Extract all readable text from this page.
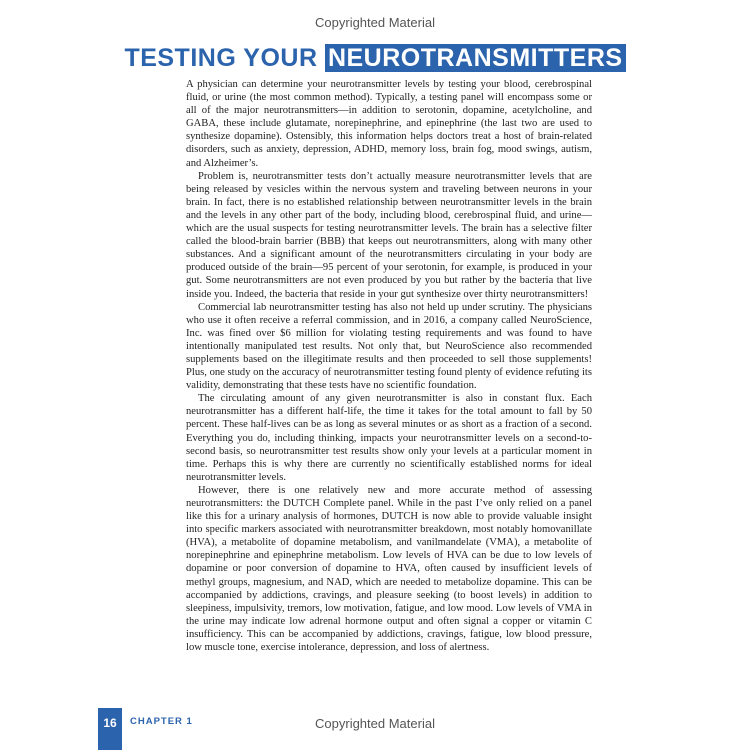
Copyrighted Material
TESTING YOUR NEUROTRANSMITTERS

A physician can determine your neurotransmitter levels by testing your blood, cerebrospinal fluid, or urine (the most common method). Typically, a testing panel will encompass some or all of the major neurotransmitters—in addition to serotonin, dopamine, acetylcholine, and GABA, these include glutamate, norepinephrine, and epinephrine (the last two are used to synthesize dopamine). Ostensibly, this information helps doctors treat a host of brain-related disorders, such as anxiety, depression, ADHD, memory loss, brain fog, mood swings, autism, and Alzheimer’s.

Problem is, neurotransmitter tests don’t actually measure neurotransmitter levels that are being released by vesicles within the nervous system and traveling between neurons in your brain. In fact, there is no established relationship between neurotransmitter levels in the brain and the levels in any other part of the body, including blood, cerebrospinal fluid, and urine—which are the usual suspects for testing neurotransmitter levels. The brain has a selective filter called the blood-brain barrier (BBB) that keeps out neurotransmitters, along with many other substances. And a significant amount of the neurotransmitters circulating in your body are produced outside of the brain—95 percent of your serotonin, for example, is produced in your gut. Some neurotransmitters are not even produced by you but rather by the bacteria that live inside you. Indeed, the bacteria that reside in your gut synthesize over thirty neurotransmitters!

Commercial lab neurotransmitter testing has also not held up under scrutiny. The physicians who use it often receive a referral commission, and in 2016, a company called NeuroScience, Inc. was fined over $6 million for violating testing requirements and was found to have intentionally manipulated test results. Not only that, but NeuroScience also recommended supplements based on the illegitimate results and then proceeded to sell those supplements! Plus, one study on the accuracy of neurotransmitter testing found plenty of evidence refuting its validity, demonstrating that these tests have no scientific foundation.

The circulating amount of any given neurotransmitter is also in constant flux. Each neurotransmitter has a different half-life, the time it takes for the total amount to fall by 50 percent. These half-lives can be as long as several minutes or as short as a fraction of a second. Everything you do, including thinking, impacts your neurotransmitter levels on a second-to-second basis, so neurotransmitter test results show only your levels at a particular moment in time. Perhaps this is why there are currently no scientifically established norms for ideal neurotransmitter levels.

However, there is one relatively new and more accurate method of assessing neurotransmitters: the DUTCH Complete panel. While in the past I’ve only relied on a panel like this for a urinary analysis of hormones, DUTCH is now able to provide valuable insight into specific markers associated with neurotransmitter breakdown, most notably homovanillate (HVA), a metabolite of dopamine metabolism, and vanilmandelate (VMA), a metabolite of norepinephrine and epinephrine metabolism. Low levels of HVA can be due to low levels of dopamine or poor conversion of dopamine to HVA, often caused by insufficient levels of methyl groups, magnesium, and NAD, which are needed to metabolize dopamine. This can be accompanied by addictions, cravings, and pleasure seeking (to boost levels) in addition to sleepiness, impulsivity, tremors, low motivation, fatigue, and low mood. Low levels of VMA in the urine may indicate low adrenal hormone output and often signal a copper or vitamin C insufficiency. This can be accompanied by addictions, cravings, fatigue, low blood pressure, low muscle tone, exercise intolerance, depression, and loss of alertness.

16	CHAPTER 1	Copyrighted Material
